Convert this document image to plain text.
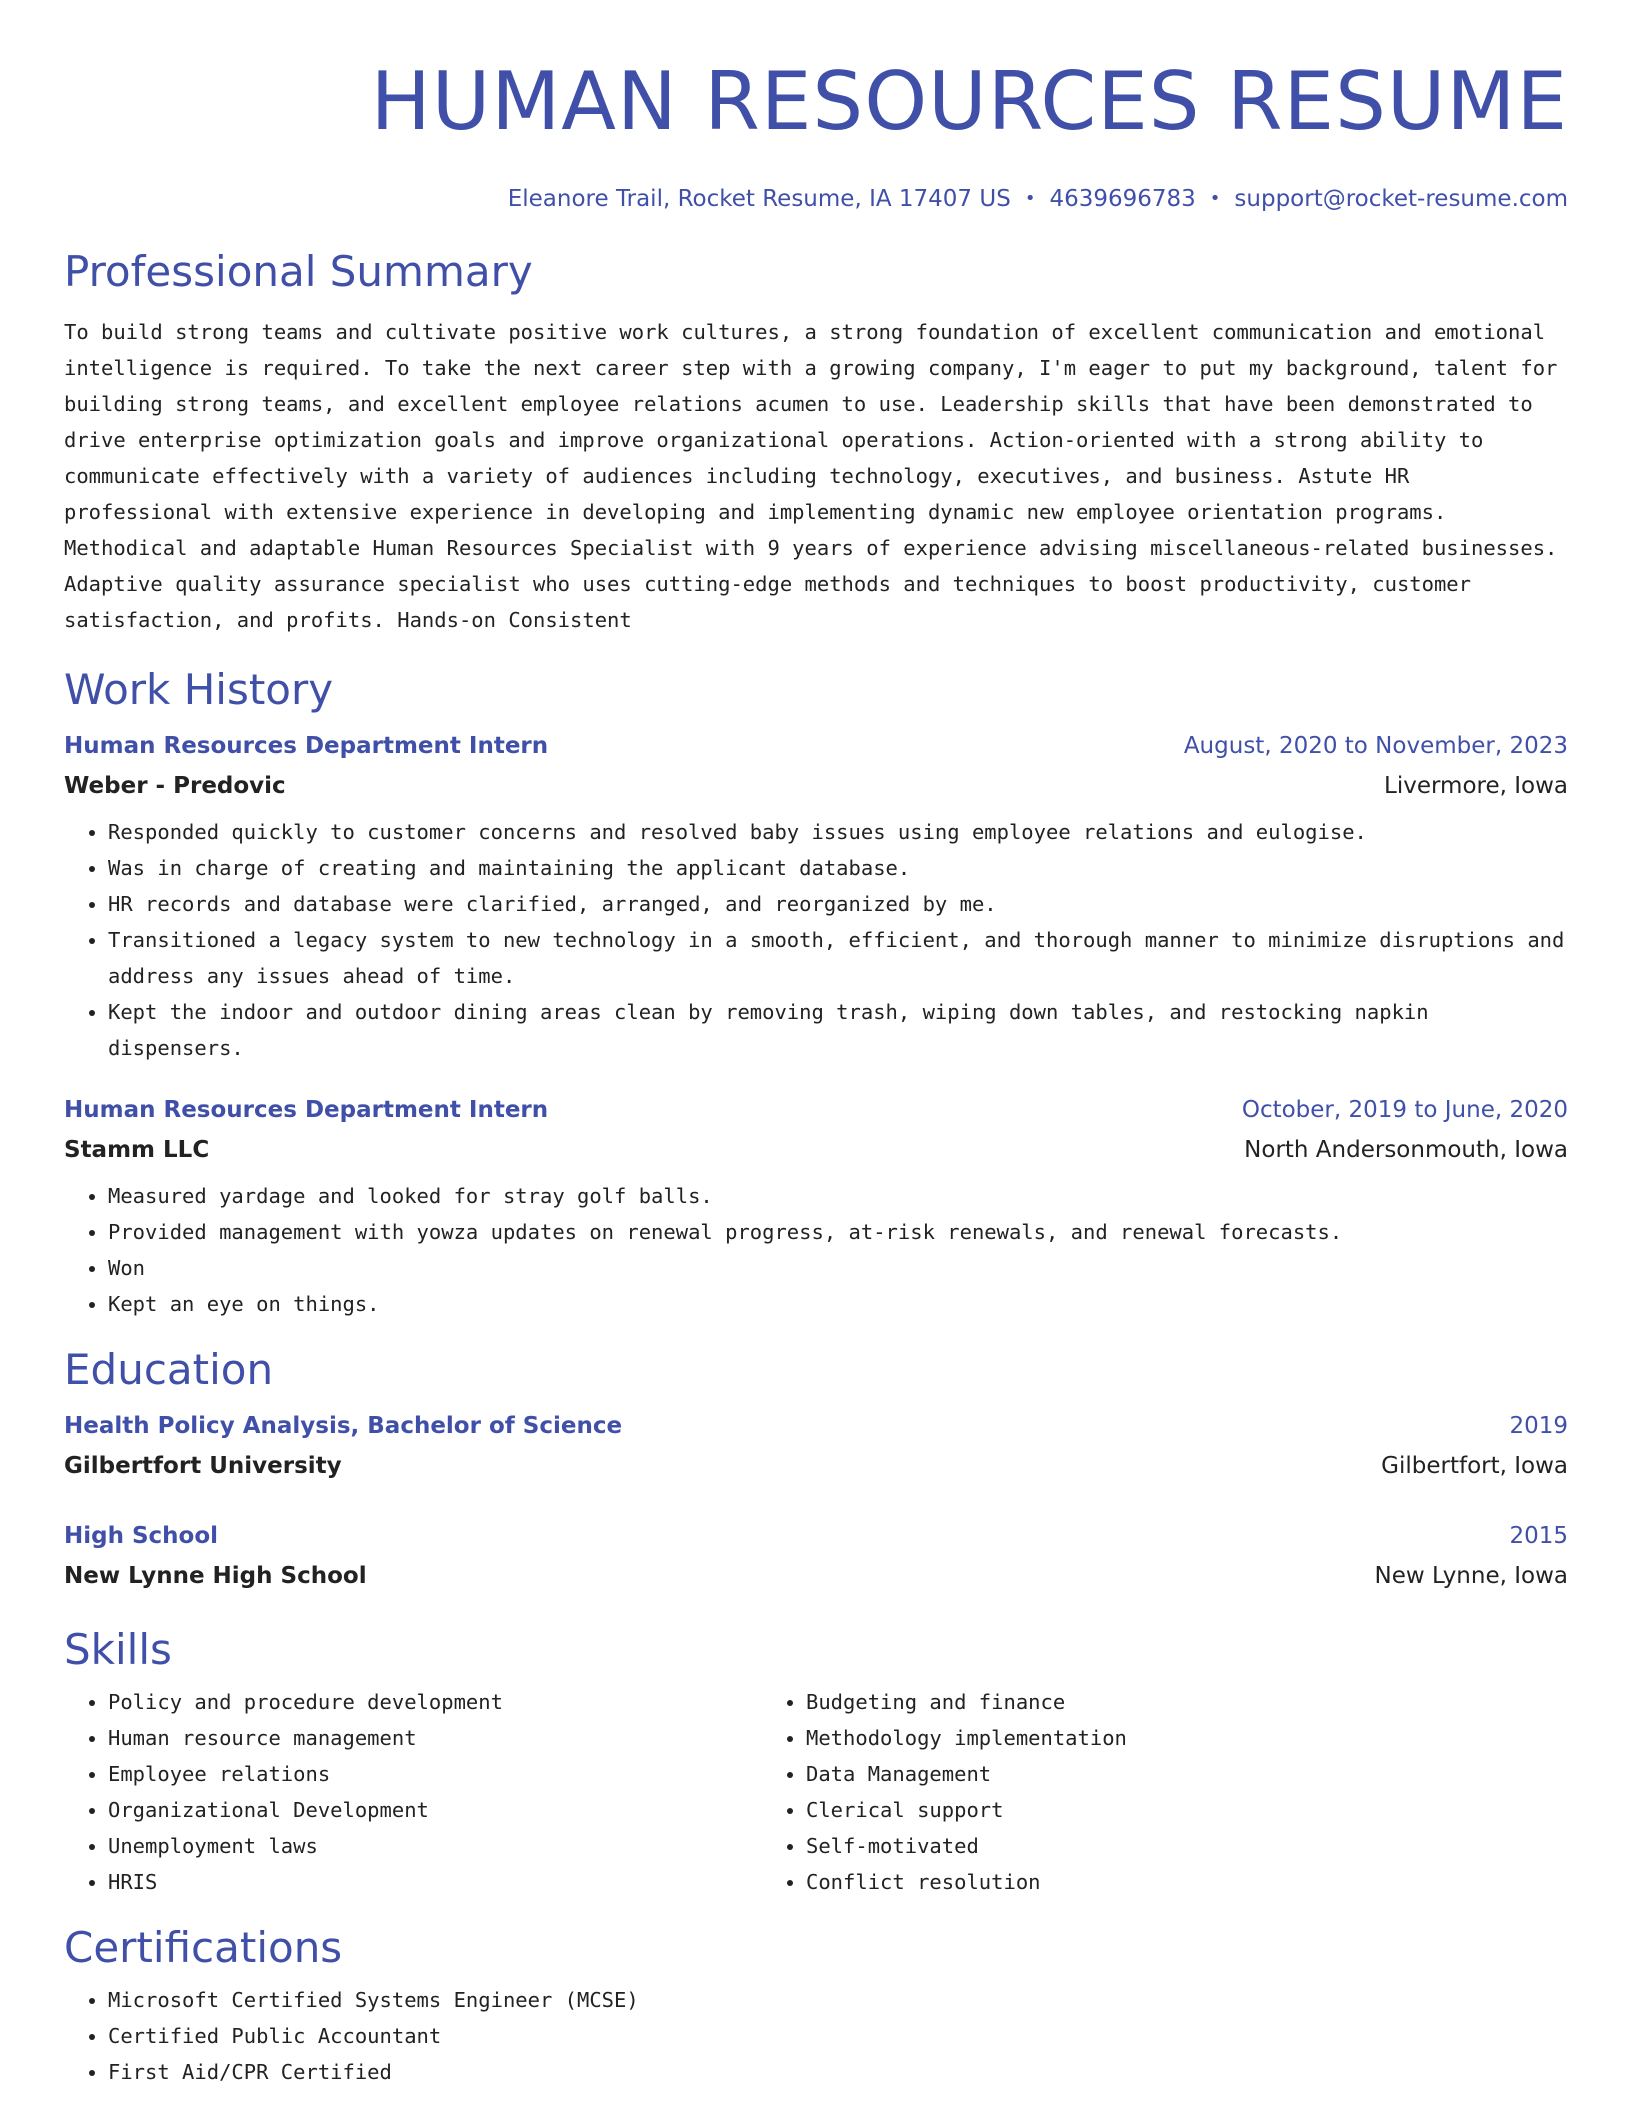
HUMAN RESOURCES RESUME
Eleanore Trail, Rocket Resume, IA 17407 US • 4639696783 • support@rocket-resume.com
Professional Summary
To build strong teams and cultivate positive work cultures, a strong foundation of excellent communication and emotional intelligence is required. To take the next career step with a growing company, I'm eager to put my background, talent for building strong teams, and excellent employee relations acumen to use. Leadership skills that have been demonstrated to drive enterprise optimization goals and improve organizational operations. Action-oriented with a strong ability to communicate effectively with a variety of audiences including technology, executives, and business. Astute HR professional with extensive experience in developing and implementing dynamic new employee orientation programs. Methodical and adaptable Human Resources Specialist with 9 years of experience advising miscellaneous-related businesses. Adaptive quality assurance specialist who uses cutting-edge methods and techniques to boost productivity, customer satisfaction, and profits. Hands-on Consistent
Work History
Human Resources Department Intern	August, 2020 to November, 2023
Weber - Predovic	Livermore, Iowa
• Responded quickly to customer concerns and resolved baby issues using employee relations and eulogise.
• Was in charge of creating and maintaining the applicant database.
• HR records and database were clarified, arranged, and reorganized by me.
• Transitioned a legacy system to new technology in a smooth, efficient, and thorough manner to minimize disruptions and address any issues ahead of time.
• Kept the indoor and outdoor dining areas clean by removing trash, wiping down tables, and restocking napkin dispensers.
Human Resources Department Intern	October, 2019 to June, 2020
Stamm LLC	North Andersonmouth, Iowa
• Measured yardage and looked for stray golf balls.
• Provided management with yowza updates on renewal progress, at-risk renewals, and renewal forecasts.
• Won
• Kept an eye on things.
Education
Health Policy Analysis, Bachelor of Science	2019
Gilbertfort University	Gilbertfort, Iowa
High School	2015
New Lynne High School	New Lynne, Iowa
Skills
• Policy and procedure development
• Human resource management
• Employee relations
• Organizational Development
• Unemployment laws
• HRIS
• Budgeting and finance
• Methodology implementation
• Data Management
• Clerical support
• Self-motivated
• Conflict resolution
Certifications
• Microsoft Certified Systems Engineer (MCSE)
• Certified Public Accountant
• First Aid/CPR Certified
